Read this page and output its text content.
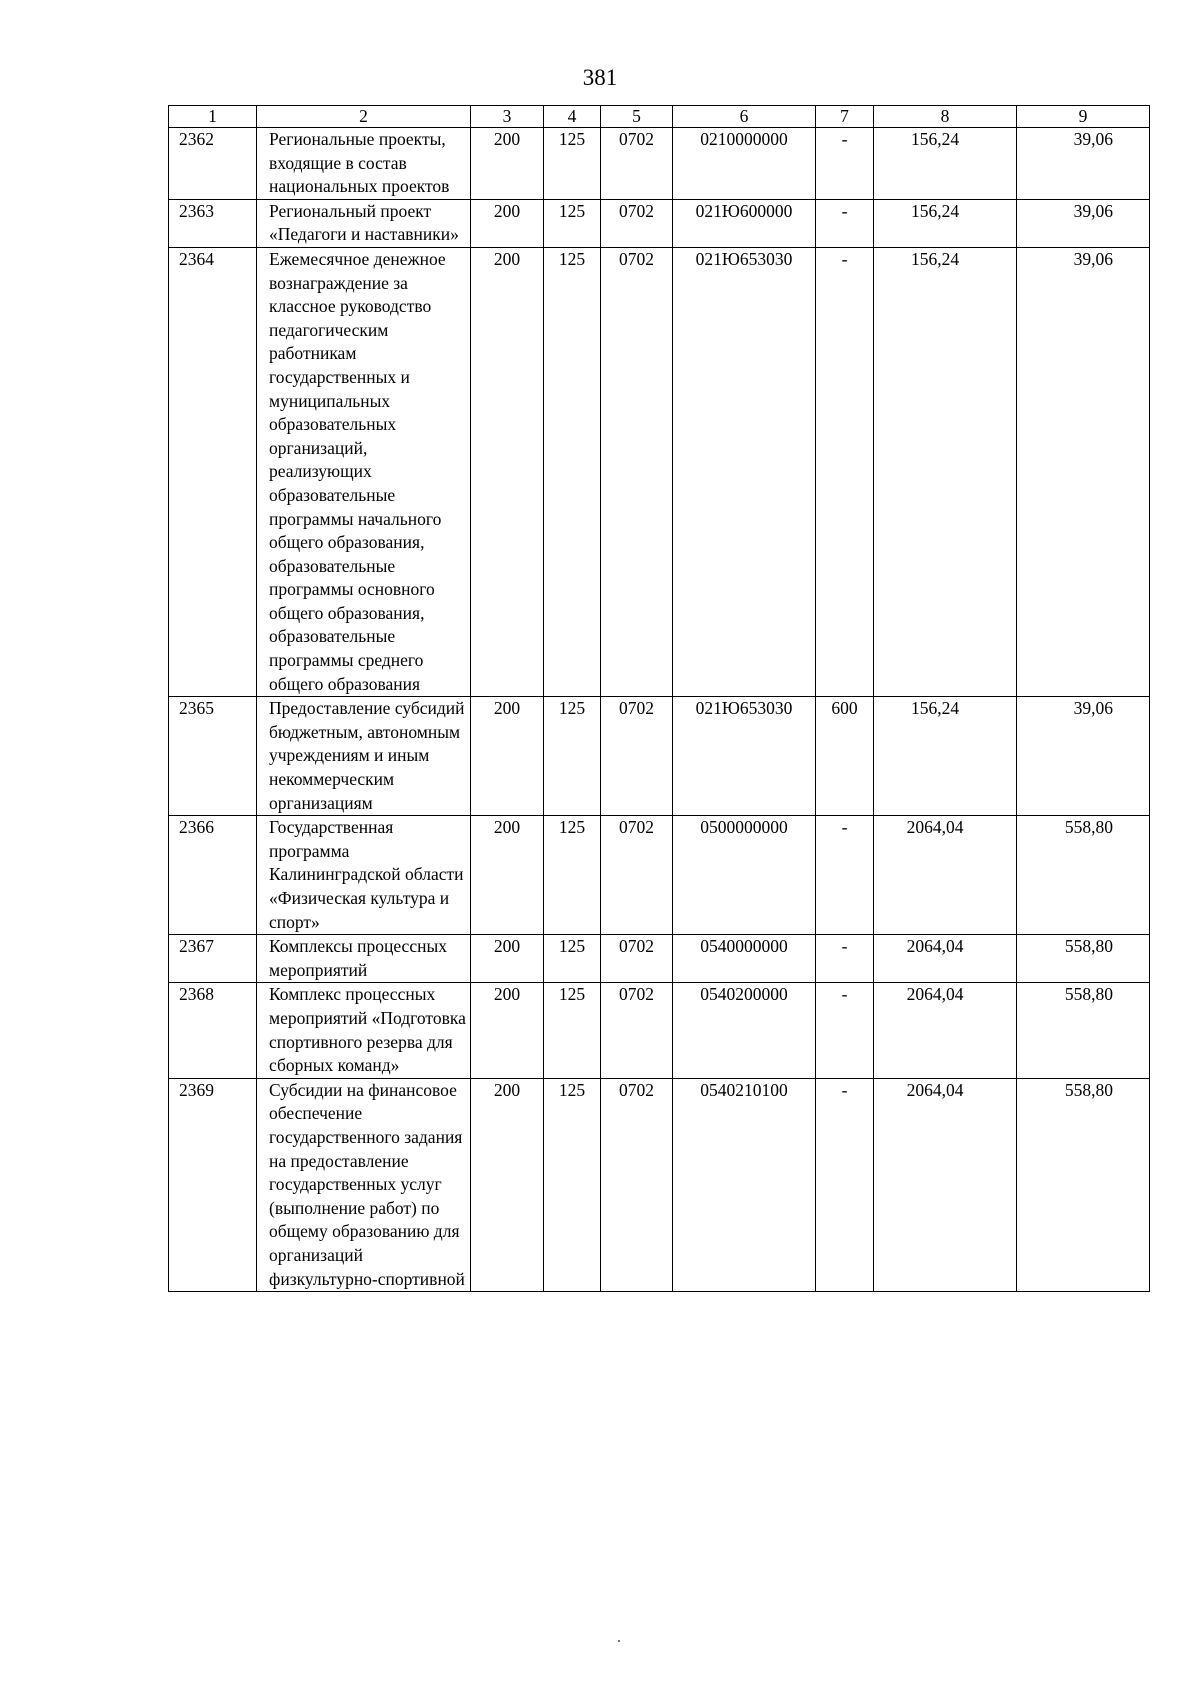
381
1	2	3	4	5	6	7	8	9
2362	Региональные проекты, входящие в состав национальных проектов	200	125	0702	0210000000	-	156,24	39,06
2363	Региональный проект «Педагоги и наставники»	200	125	0702	021Ю600000	-	156,24	39,06
2364	Ежемесячное денежное вознаграждение за классное руководство педагогическим работникам государственных и муниципальных образовательных организаций, реализующих образовательные программы начального общего образования, образовательные программы основного общего образования, образовательные программы среднего общего образования	200	125	0702	021Ю653030	-	156,24	39,06
2365	Предоставление субсидий бюджетным, автономным учреждениям и иным некоммерческим организациям	200	125	0702	021Ю653030	600	156,24	39,06
2366	Государственная программа Калининградской области «Физическая культура и спорт»	200	125	0702	0500000000	-	2064,04	558,80
2367	Комплексы процессных мероприятий	200	125	0702	0540000000	-	2064,04	558,80
2368	Комплекс процессных мероприятий «Подготовка спортивного резерва для сборных команд»	200	125	0702	0540200000	-	2064,04	558,80
2369	Субсидии на финансовое обеспечение государственного задания на предоставление государственных услуг (выполнение работ) по общему образованию для организаций физкультурно-спортивной	200	125	0702	0540210100	-	2064,04	558,80
